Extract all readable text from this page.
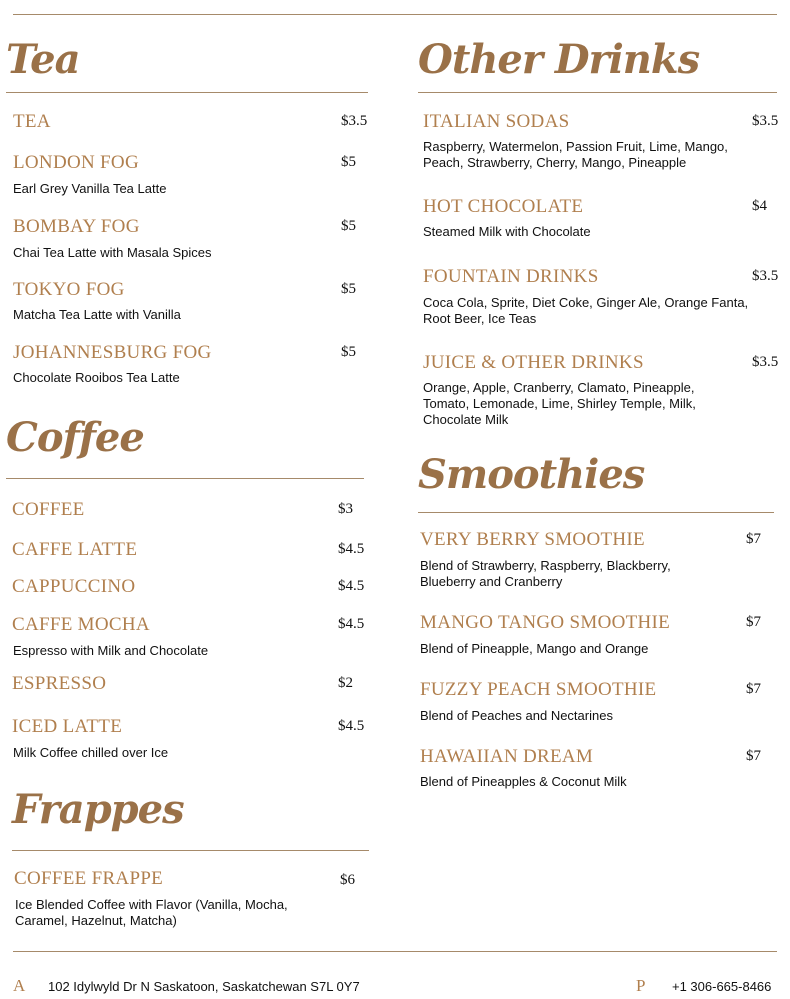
Tea
TEA	$3.5
LONDON FOG	$5
Earl Grey Vanilla Tea Latte
BOMBAY FOG	$5
Chai Tea Latte with Masala Spices
TOKYO FOG	$5
Matcha Tea Latte with Vanilla
JOHANNESBURG FOG	$5
Chocolate Rooibos Tea Latte
Coffee
COFFEE	$3
CAFFE LATTE	$4.5
CAPPUCCINO	$4.5
CAFFE MOCHA	$4.5
Espresso with Milk and Chocolate
ESPRESSO	$2
ICED LATTE	$4.5
Milk Coffee chilled over Ice
Frappes
COFFEE FRAPPE	$6
Ice Blended Coffee with Flavor (Vanilla, Mocha,
Caramel, Hazelnut, Matcha)
Other Drinks
ITALIAN SODAS	$3.5
Raspberry, Watermelon, Passion Fruit, Lime, Mango,
Peach, Strawberry, Cherry, Mango, Pineapple
HOT CHOCOLATE	$4
Steamed Milk with Chocolate
FOUNTAIN DRINKS	$3.5
Coca Cola, Sprite, Diet Coke, Ginger Ale, Orange Fanta,
Root Beer, Ice Teas
JUICE & OTHER DRINKS	$3.5
Orange, Apple, Cranberry, Clamato, Pineapple,
Tomato, Lemonade, Lime, Shirley Temple, Milk,
Chocolate Milk
Smoothies
VERY BERRY SMOOTHIE	$7
Blend of Strawberry, Raspberry, Blackberry,
Blueberry and Cranberry
MANGO TANGO SMOOTHIE	$7
Blend of Pineapple, Mango and Orange
FUZZY PEACH SMOOTHIE	$7
Blend of Peaches and Nectarines
HAWAIIAN DREAM	$7
Blend of Pineapples & Coconut Milk
A 102 Idylwyld Dr N Saskatoon, Saskatchewan S7L 0Y7	P +1 306-665-8466
